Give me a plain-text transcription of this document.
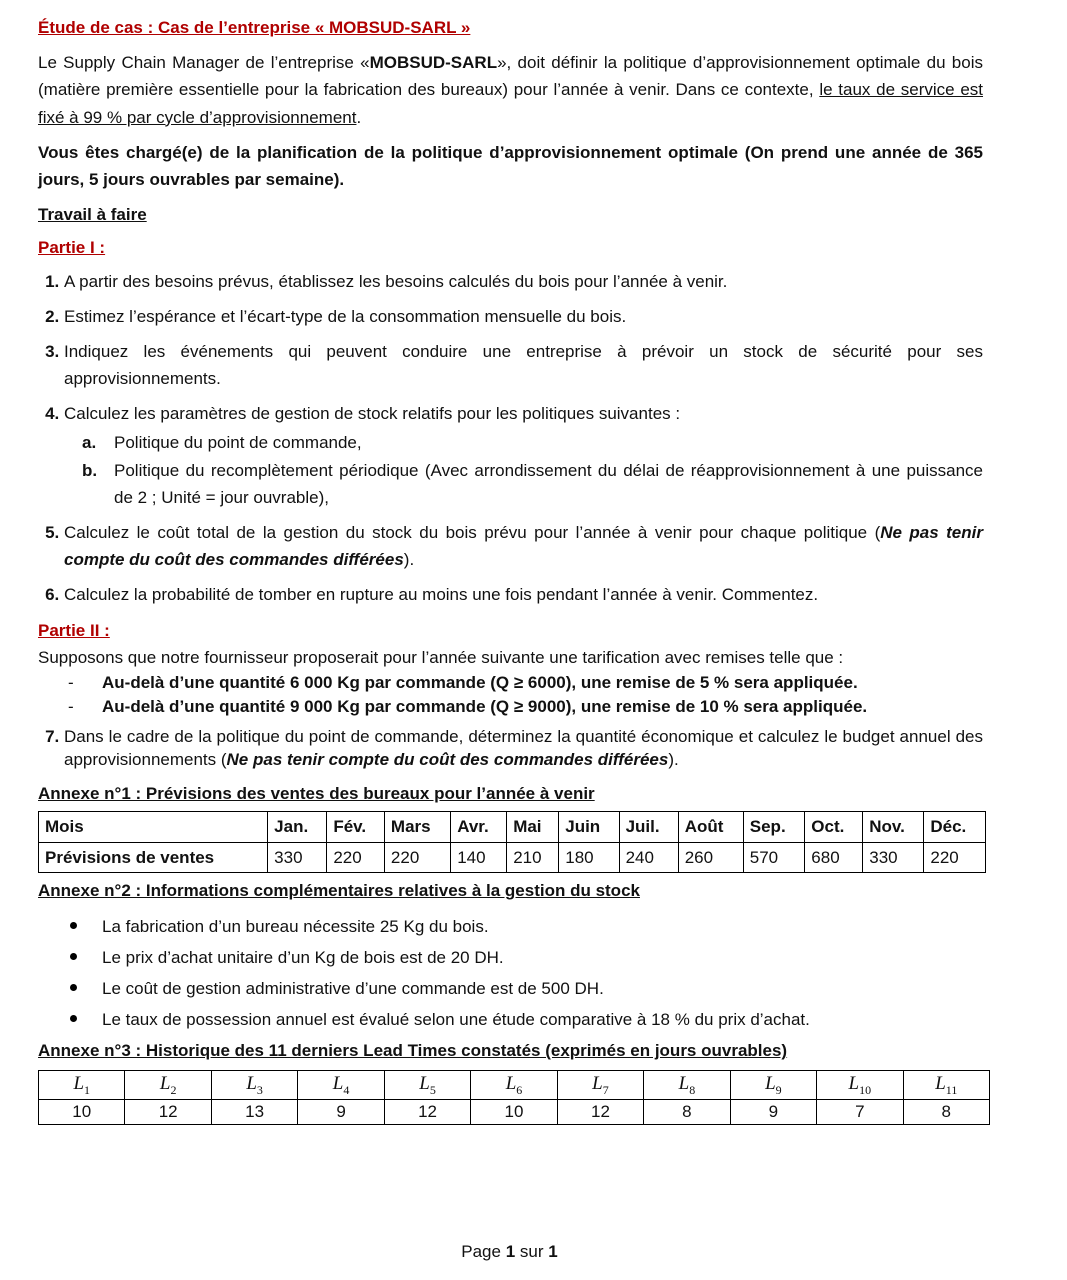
Étude de cas : Cas de l’entreprise « MOBSUD-SARL »

Le Supply Chain Manager de l’entreprise «MOBSUD-SARL», doit définir la politique d’approvisionnement optimale du bois (matière première essentielle pour la fabrication des bureaux) pour l’année à venir. Dans ce contexte, le taux de service est fixé à 99 % par cycle d’approvisionnement.

Vous êtes chargé(e) de la planification de la politique d’approvisionnement optimale (On prend une année de 365 jours, 5 jours ouvrables par semaine).

Travail à faire

Partie I :

1. A partir des besoins prévus, établissez les besoins calculés du bois pour l’année à venir.
2. Estimez l’espérance et l’écart-type de la consommation mensuelle du bois.
3. Indiquez les événements qui peuvent conduire une entreprise à prévoir un stock de sécurité pour ses approvisionnements.
4. Calculez les paramètres de gestion de stock relatifs pour les politiques suivantes :
a. Politique du point de commande,
b. Politique du recomplètement périodique (Avec arrondissement du délai de réapprovisionnement à une puissance de 2 ; Unité = jour ouvrable),
5. Calculez le coût total de la gestion du stock du bois prévu pour l’année à venir pour chaque politique (Ne pas tenir compte du coût des commandes différées).
6. Calculez la probabilité de tomber en rupture au moins une fois pendant l’année à venir. Commentez.

Partie II :

Supposons que notre fournisseur proposerait pour l’année suivante une tarification avec remises telle que :

- Au-delà d’une quantité 6 000 Kg par commande (Q ≥ 6000), une remise de 5 % sera appliquée.
- Au-delà d’une quantité 9 000 Kg par commande (Q ≥ 9000), une remise de 10 % sera appliquée.
7. Dans le cadre de la politique du point de commande, déterminez la quantité économique et calculez le budget annuel des approvisionnements (Ne pas tenir compte du coût des commandes différées).

Annexe n°1 : Prévisions des ventes des bureaux pour l’année à venir

Mois	Jan.	Fév.	Mars	Avr.	Mai	Juin	Juil.	Août	Sep.	Oct.	Nov.	Déc.
Prévisions de ventes	330	220	220	140	210	180	240	260	570	680	330	220

Annexe n°2 : Informations complémentaires relatives à la gestion du stock

La fabrication d’un bureau nécessite 25 Kg du bois.
Le prix d’achat unitaire d’un Kg de bois est de 20 DH.
Le coût de gestion administrative d’une commande est de 500 DH.
Le taux de possession annuel est évalué selon une étude comparative à 18 % du prix d’achat.

Annexe n°3 : Historique des 11 derniers Lead Times constatés (exprimés en jours ouvrables)

$L_1$	$L_2$	$L_3$	$L_4$	$L_5$	$L_6$	$L_7$	$L_8$	$L_9$	$L_{10}$	$L_{11}$
10	12	13	9	12	10	12	8	9	7	8
Page 1 sur 1
